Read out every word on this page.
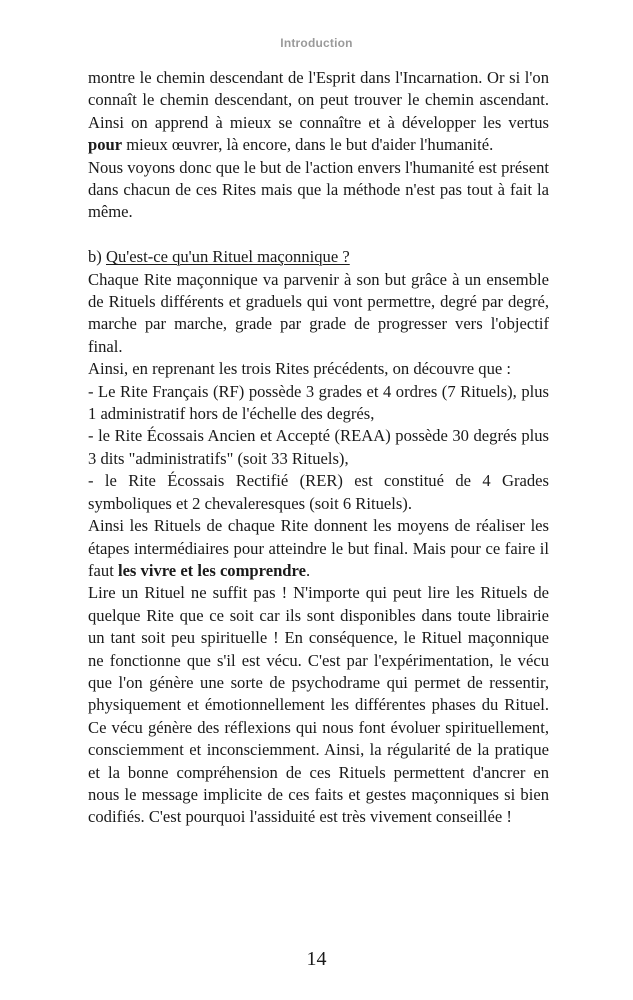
Introduction

montre le chemin descendant de l'Esprit dans l'Incarnation. Or si l'on connaît le chemin descendant, on peut trouver le chemin ascendant. Ainsi on apprend à mieux se connaître et à développer les vertus pour mieux œuvrer, là encore, dans le but d'aider l'humanité.

Nous voyons donc que le but de l'action envers l'humanité est présent dans chacun de ces Rites mais que la méthode n'est pas tout à fait la même.

b) Qu'est-ce qu'un Rituel maçonnique ?

Chaque Rite maçonnique va parvenir à son but grâce à un ensemble de Rituels différents et graduels qui vont permettre, degré par degré, marche par marche, grade par grade de progresser vers l'objectif final.

Ainsi, en reprenant les trois Rites précédents, on découvre que :

- Le Rite Français (RF) possède 3 grades et 4 ordres (7 Rituels), plus 1 administratif hors de l'échelle des degrés,

- le Rite Écossais Ancien et Accepté (REAA) possède 30 degrés plus 3 dits "administratifs" (soit 33 Rituels),

- le Rite Écossais Rectifié (RER) est constitué de 4 Grades symboliques et 2 chevaleresques (soit 6 Rituels).

Ainsi les Rituels de chaque Rite donnent les moyens de réaliser les étapes intermédiaires pour atteindre le but final. Mais pour ce faire il faut les vivre et les comprendre.

Lire un Rituel ne suffit pas ! N'importe qui peut lire les Rituels de quelque Rite que ce soit car ils sont disponibles dans toute librairie un tant soit peu spirituelle ! En conséquence, le Rituel maçonnique ne fonctionne que s'il est vécu. C'est par l'expérimentation, le vécu que l'on génère une sorte de psychodrame qui permet de ressentir, physiquement et émotionnellement les différentes phases du Rituel. Ce vécu génère des réflexions qui nous font évoluer spirituellement, consciemment et inconsciemment. Ainsi, la régularité de la pratique et la bonne compréhension de ces Rituels permettent d'ancrer en nous le message implicite de ces faits et gestes maçonniques si bien codifiés. C'est pourquoi l'assiduité est très vivement conseillée !

14
